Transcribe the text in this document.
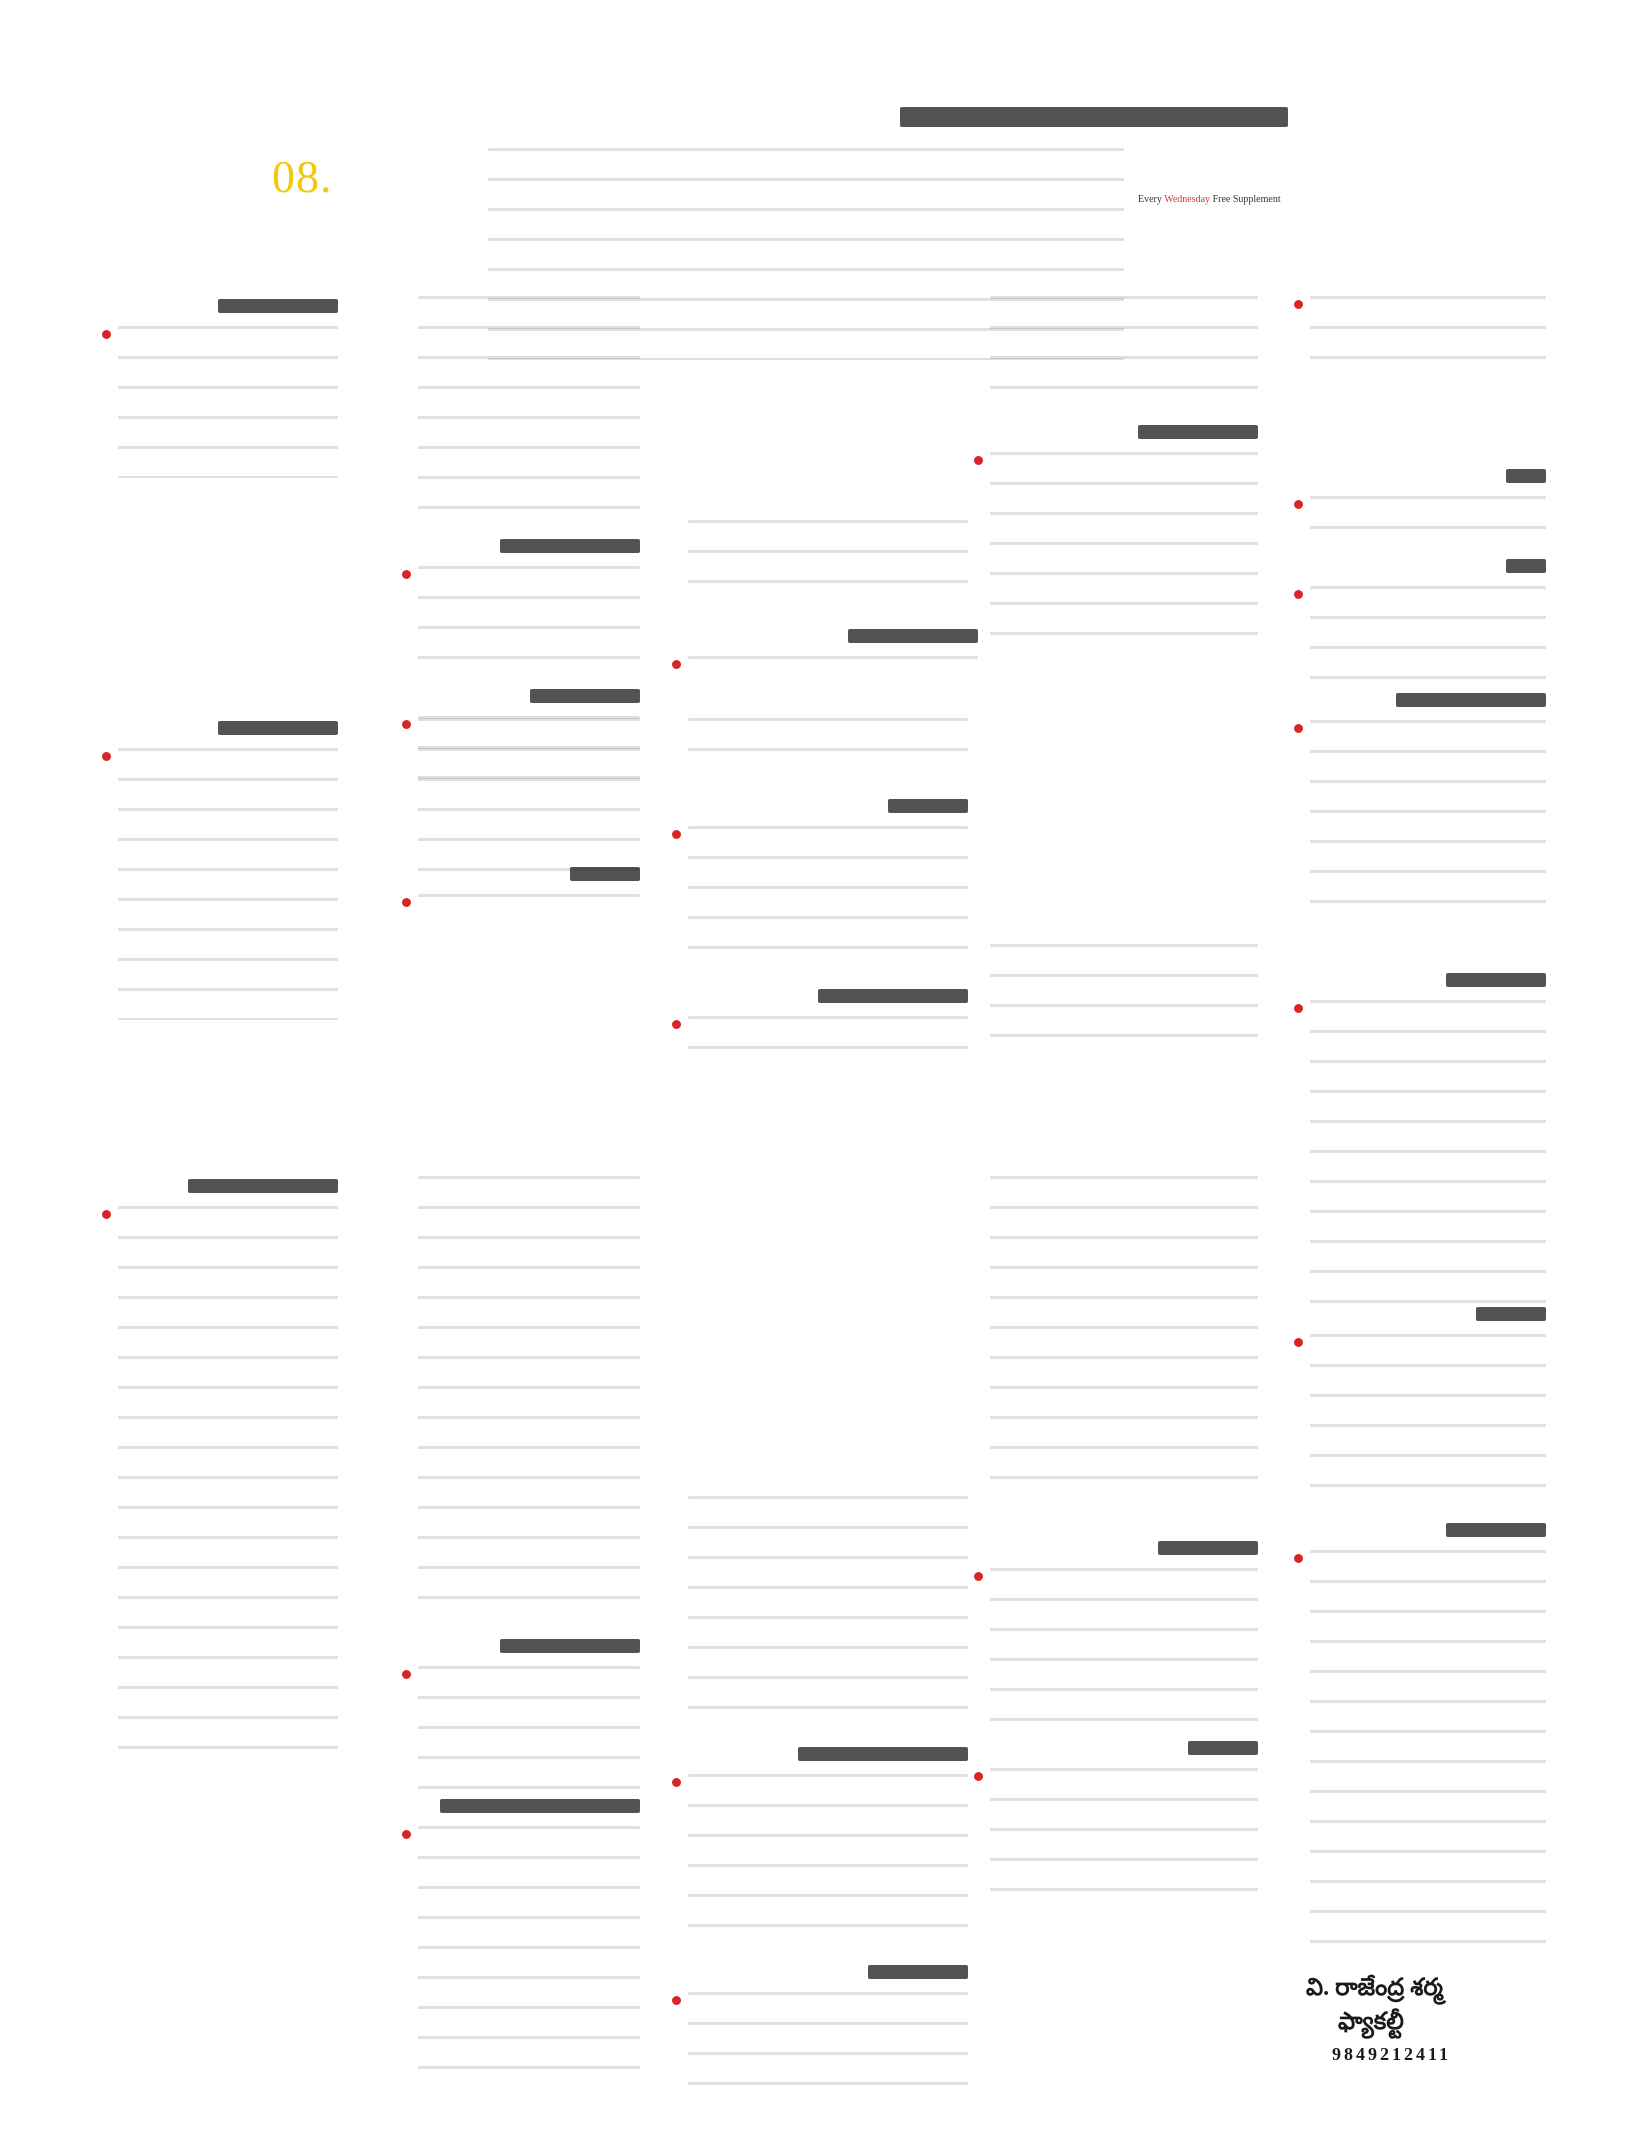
08.	Every Wednesday Free Supplement
వి. రాజేంద్ర శర్మ
ఫ్యాకల్టీ
9849212411
